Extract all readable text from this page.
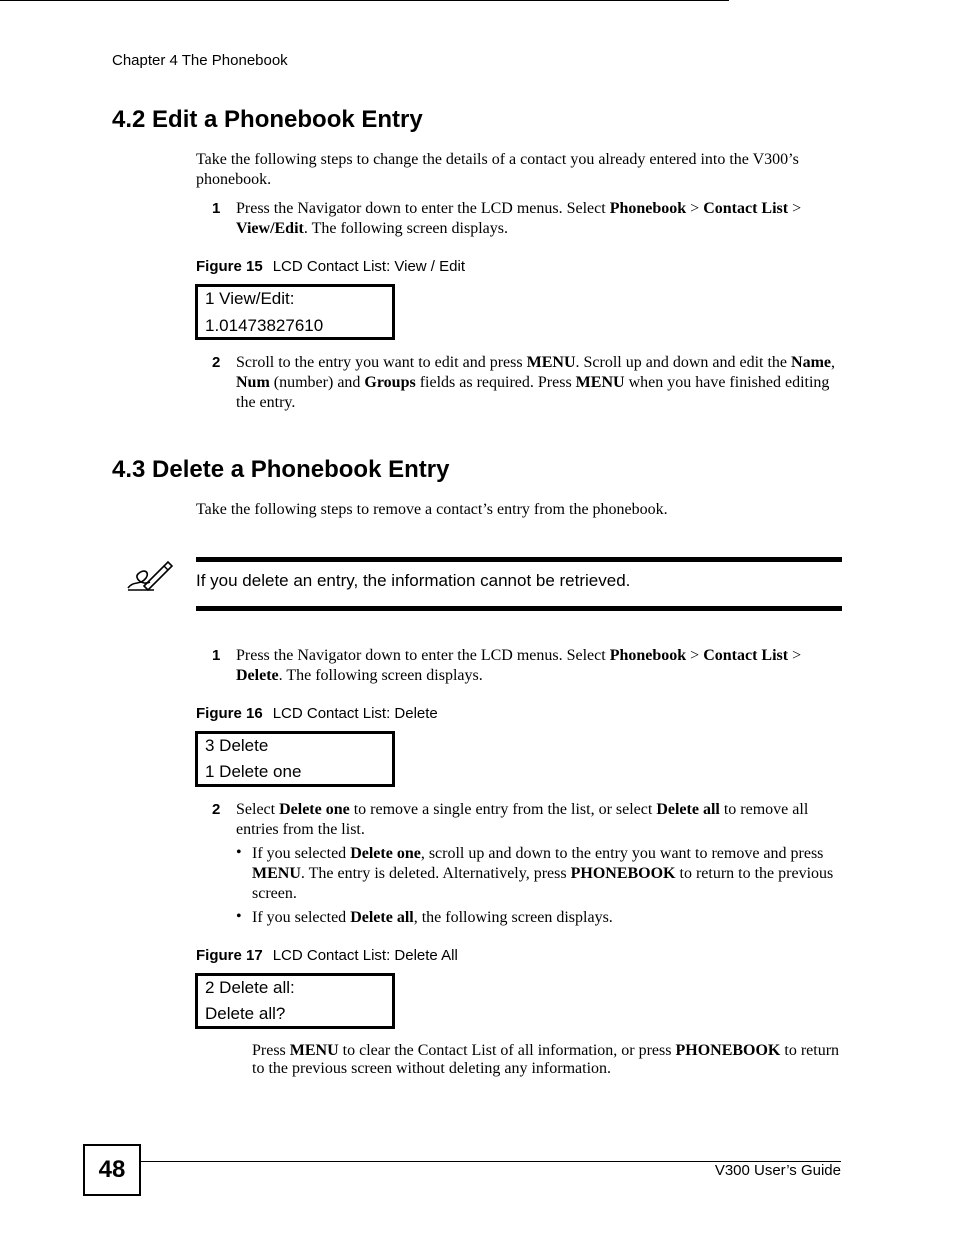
Chapter 4 The Phonebook
4.2 Edit a Phonebook Entry

Take the following steps to change the details of a contact you already entered into the V300’s phonebook.

1 Press the Navigator down to enter the LCD menus. Select Phonebook > Contact List > View/Edit. The following screen displays.

Figure 15 LCD Contact List: View / Edit
1 View/Edit:
1.01473827610
2 Scroll to the entry you want to edit and press MENU. Scroll up and down and edit the Name, Num (number) and Groups fields as required. Press MENU when you have finished editing the entry.

4.3 Delete a Phonebook Entry

Take the following steps to remove a contact’s entry from the phonebook.

If you delete an entry, the information cannot be retrieved.
1 Press the Navigator down to enter the LCD menus. Select Phonebook > Contact List > Delete. The following screen displays.

Figure 16 LCD Contact List: Delete
3 Delete
1 Delete one
2 Select Delete one to remove a single entry from the list, or select Delete all to remove all entries from the list.

• If you selected Delete one, scroll up and down to the entry you want to remove and press MENU. The entry is deleted. Alternatively, press PHONEBOOK to return to the previous screen.

• If you selected Delete all, the following screen displays.

Figure 17 LCD Contact List: Delete All
2 Delete all:
Delete all?

Press MENU to clear the Contact List of all information, or press PHONEBOOK to return to the previous screen without deleting any information.

48	V300 User’s Guide
